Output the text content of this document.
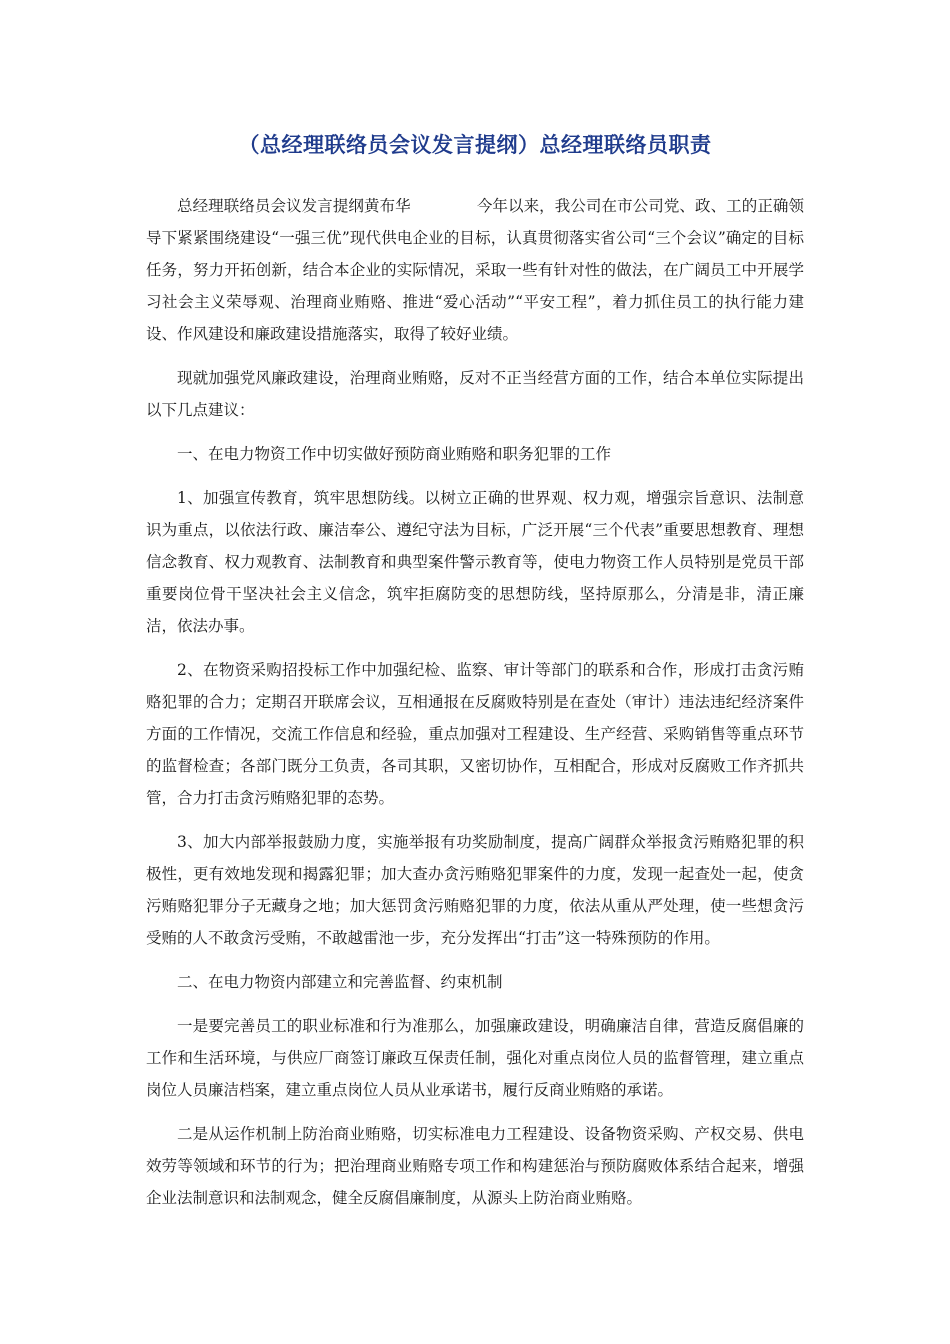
（总经理联络员会议发言提纲）总经理联络员职责

总经理联络员会议发言提纲黄布华	今年以来，我公司在市公司党、政、工的正确领导下紧紧围绕建设“一强三优”现代供电企业的目标，认真贯彻落实省公司“三个会议”确定的目标任务，努力开拓创新，结合本企业的实际情况，采取一些有针对性的做法，在广阔员工中开展学习社会主义荣辱观、治理商业贿赂、推进“爱心活动”“平安工程”，着力抓住员工的执行能力建设、作风建设和廉政建设措施落实，取得了较好业绩。

现就加强党风廉政建设，治理商业贿赂，反对不正当经营方面的工作，结合本单位实际提出以下几点建议：

一、在电力物资工作中切实做好预防商业贿赂和职务犯罪的工作

1、加强宣传教育，筑牢思想防线。以树立正确的世界观、权力观，增强宗旨意识、法制意识为重点，以依法行政、廉洁奉公、遵纪守法为目标，广泛开展“三个代表”重要思想教育、理想信念教育、权力观教育、法制教育和典型案件警示教育等，使电力物资工作人员特别是党员干部重要岗位骨干坚决社会主义信念，筑牢拒腐防变的思想防线，坚持原那么，分清是非，清正廉洁，依法办事。

2、在物资采购招投标工作中加强纪检、监察、审计等部门的联系和合作，形成打击贪污贿赂犯罪的合力；定期召开联席会议，互相通报在反腐败特别是在查处（审计）违法违纪经济案件方面的工作情况，交流工作信息和经验，重点加强对工程建设、生产经营、采购销售等重点环节的监督检查；各部门既分工负责，各司其职，又密切协作，互相配合，形成对反腐败工作齐抓共管，合力打击贪污贿赂犯罪的态势。

3、加大内部举报鼓励力度，实施举报有功奖励制度，提高广阔群众举报贪污贿赂犯罪的积极性，更有效地发现和揭露犯罪；加大查办贪污贿赂犯罪案件的力度，发现一起查处一起，使贪污贿赂犯罪分子无藏身之地；加大惩罚贪污贿赂犯罪的力度，依法从重从严处理，使一些想贪污受贿的人不敢贪污受贿，不敢越雷池一步，充分发挥出“打击”这一特殊预防的作用。

二、在电力物资内部建立和完善监督、约束机制

一是要完善员工的职业标准和行为准那么，加强廉政建设，明确廉洁自律，营造反腐倡廉的工作和生活环境，与供应厂商签订廉政互保责任制，强化对重点岗位人员的监督管理，建立重点岗位人员廉洁档案，建立重点岗位人员从业承诺书，履行反商业贿赂的承诺。

二是从运作机制上防治商业贿赂，切实标准电力工程建设、设备物资采购、产权交易、供电效劳等领域和环节的行为；把治理商业贿赂专项工作和构建惩治与预防腐败体系结合起来，增强企业法制意识和法制观念，健全反腐倡廉制度，从源头上防治商业贿赂。
